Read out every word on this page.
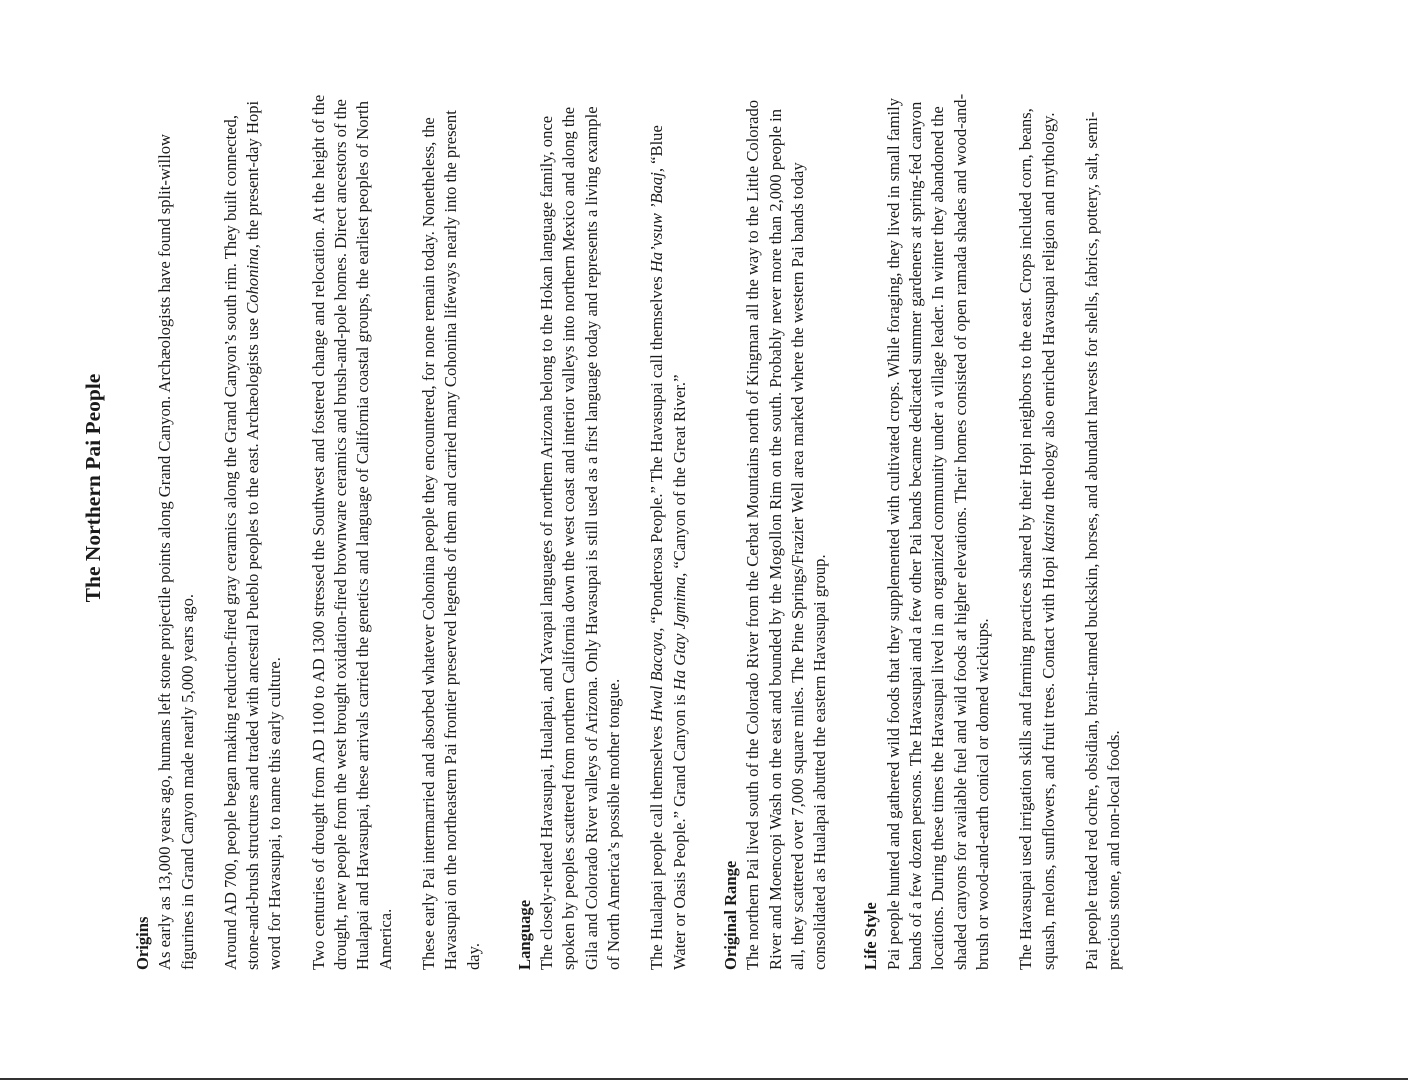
The Northern Pai People
Origins As early as 13,000 years ago, humans left stone projectile points along Grand Canyon. Archæologists have found split-willow figurines in Grand Canyon made nearly 5,000 years ago. Around AD 700, people began making reduction-fired gray ceramics along the Grand Canyon’s south rim. They built connected, stone-and-brush structures and traded with ancestral Pueblo peoples to the east. Archæologists use Cohonina, the present-day Hopi word for Havasupai, to name this early culture. Two centuries of drought from AD 1100 to AD 1300 stressed the Southwest and fostered change and relocation. At the height of the drought, new people from the west brought oxidation-fired brownware ceramics and brush-and-pole homes. Direct ancestors of the Hualapai and Havasupai, these arrivals carried the genetics and language of California coastal groups, the earliest peoples of North America. These early Pai intermarried and absorbed whatever Cohonina people they encountered, for none remain today. Nonetheless, the Havasupai on the northeastern Pai frontier preserved legends of them and carried many Cohonina lifeways nearly into the present day. Language The closely-related Havasupai, Hualapai, and Yavapai languages of northern Arizona belong to the Hokan language family, once spoken by peoples scattered from northern California down the west coast and interior valleys into northern Mexico and along the Gila and Colorado River valleys of Arizona. Only Havasupai is still used as a first language today and represents a living example of North America’s possible mother tongue. The Hualapai people call themselves Hwal Bacaya, “Ponderosa People.” The Havasupai call themselves Ha’vsuw ’Baaj, “Blue Water or Oasis People.” Grand Canyon is Ha Gtay Jgmima, “Canyon of the Great River.”

Original Range The northern Pai lived south of the Colorado River from the Cerbat Mountains north of Kingman all the way to the Little Colorado River and Moencopi Wash on the east and bounded by the Mogollon Rim on the south. Probably never more than 2,000 people in all, they scattered over 7,000 square miles. The Pine Springs/Frazier Well area marked where the western Pai bands today consolidated as Hualapai abutted the eastern Havasupai group. Life Style Pai people hunted and gathered wild foods that they supplemented with cultivated crops. While foraging, they lived in small family bands of a few dozen persons. The Havasupai and a few other Pai bands became dedicated summer gardeners at spring-fed canyon locations. During these times the Havasupai lived in an organized community under a village leader. In winter they abandoned the shaded canyons for available fuel and wild foods at higher elevations. Their homes consisted of open ramada shades and wood-and-brush or wood-and-earth conical or domed wickiups. The Havasupai used irrigation skills and farming practices shared by their Hopi neighbors to the east. Crops included corn, beans, squash, melons, sunflowers, and fruit trees. Contact with Hopi katsina theology also enriched Havasupai religion and mythology. Pai people traded red ochre, obsidian, brain-tanned buckskin, horses, and abundant harvests for shells, fabrics, pottery, salt, semi-precious stone, and non-local foods.
